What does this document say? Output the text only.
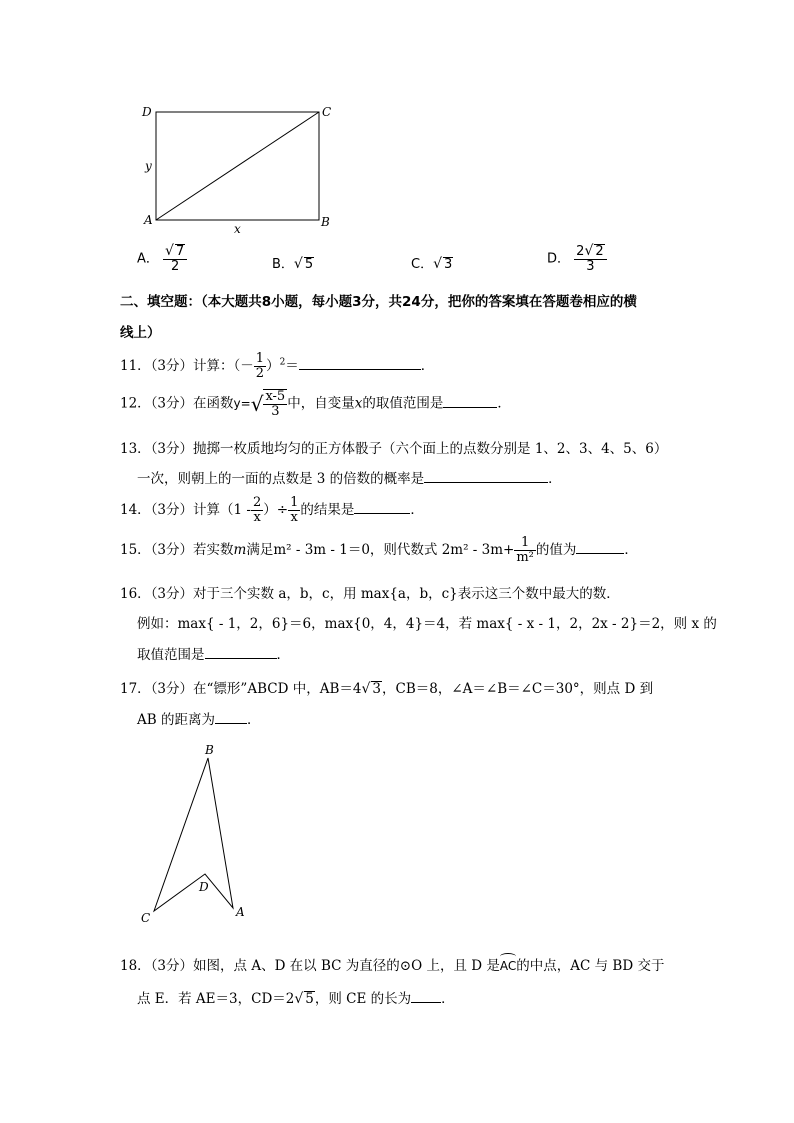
D	C
A	B
y
x
A． $\frac{√ 7}{2}$	B．√ 5	C．√ 3	D． $\frac{2√ 2}{3}$
二、填空题：（本大题共8小题，每小题3分，共24分，把你的答案填在答题卷相应的横
线上）
11．（3分）计算：（－ $\frac{1}{2} )^2=$	．
12．（3分）在函数$y=√ \frac{x-5}{3}$ 中，自变量x的取值范围是	．
13．（3分）抛掷一枚质地均匀的正方体骰子（六个面上的点数分别是 1、2、3、4、5、6）
一次，则朝上的一面的点数是 3 的倍数的概率是	．
14．（3分）计算（$1 - \frac{2}{x}$ ）÷ $\frac{1}{x}$ 的结果是	．
15．（3分）若实数m满足m² - 3m - 1＝0，则代数式 $2m^2 - 3m+ \frac{1}{\text{m²}}$ 的值为	．
16．（3分）对于三个实数 a，b，c，用 max{a，b，c}表示这三个数中最大的数．
例如：max{ - 1，2，6}＝6，max{0，4，4}＝4，若 max{ - x - 1，2，2x - 2}＝2，则 x 的
取值范围是	．
17．（3分）在“镖形”ABCD 中，AB＝4√ 3，CB＝8，∠A＝∠B＝∠C＝30°，则点 D 到
AB 的距离为 ．
B
C
D
A
18．（3分）如图，点 A、D 在以 BC 为直径的⊙O 上，且 D 是AC的中点，AC 与 BD 交于
点 E．若 AE＝3，CD＝2√ 5，则 CE 的长为 ．
